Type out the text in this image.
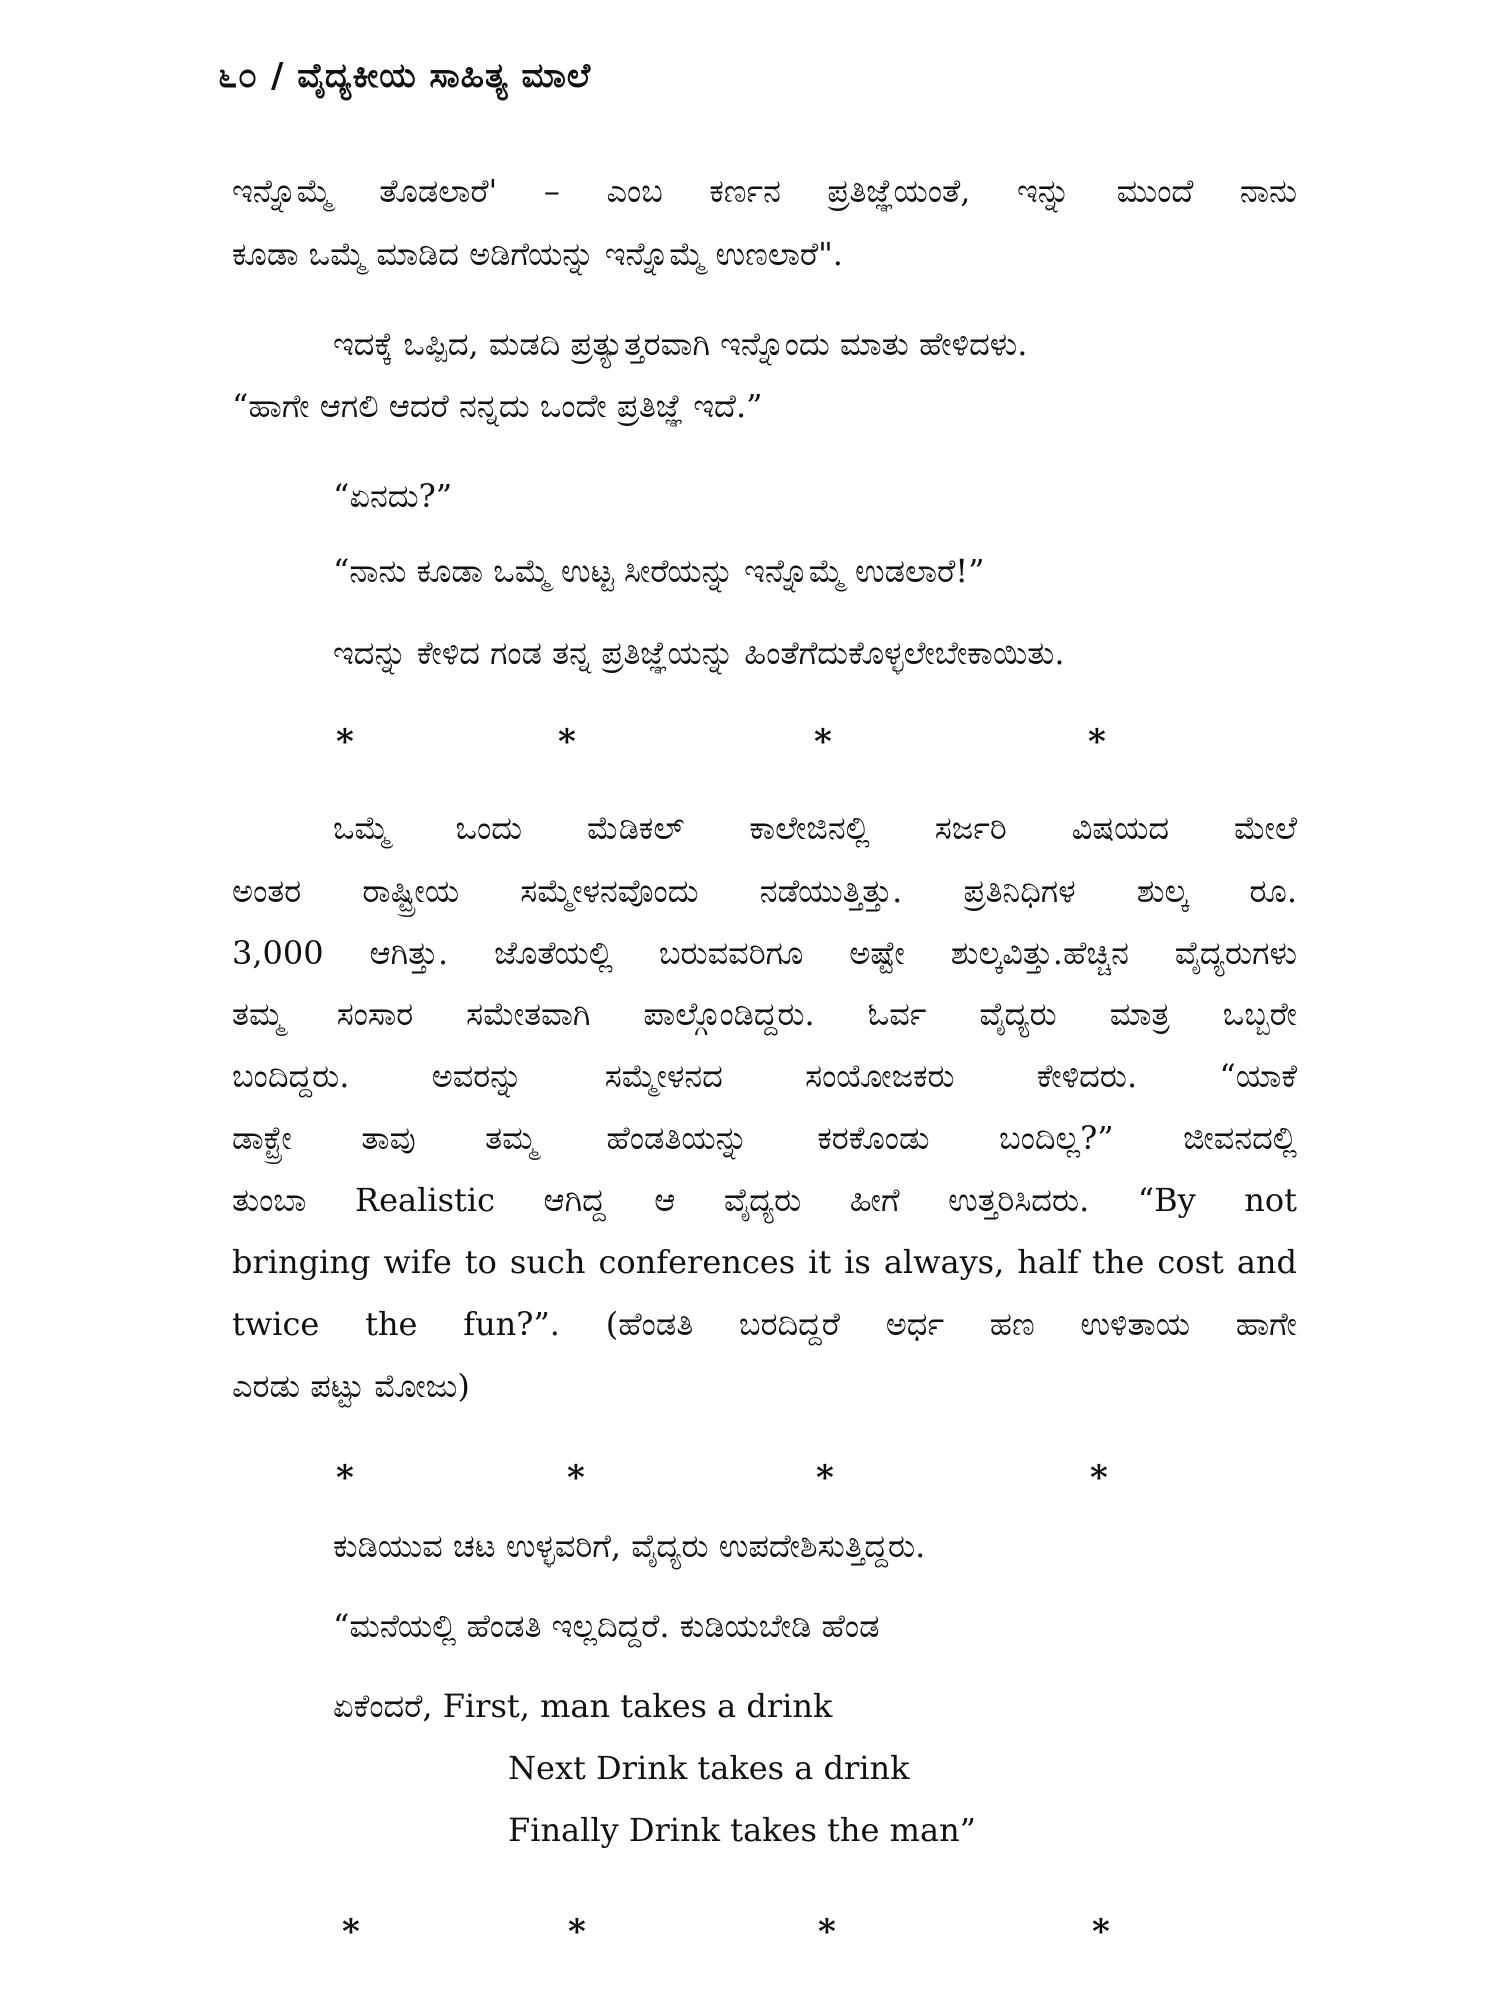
೬೦ / ವೈದ್ಯಕೀಯ ಸಾಹಿತ್ಯ ಮಾಲೆ
ಇನ್ನೊಮ್ಮೆ ತೊಡಲಾರೆ' – ಎಂಬ ಕರ್ಣನ ಪ್ರತಿಜ್ಞೆಯಂತೆ, ಇನ್ನು ಮುಂದೆ ನಾನು
ಕೂಡಾ ಒಮ್ಮೆ ಮಾಡಿದ ಅಡಿಗೆಯನ್ನು ಇನ್ನೊಮ್ಮೆ ಉಣಲಾರೆ".
ಇದಕ್ಕೆ ಒಪ್ಪಿದ, ಮಡದಿ ಪ್ರತ್ಯುತ್ತರವಾಗಿ ಇನ್ನೊಂದು ಮಾತು ಹೇಳಿದಳು.
“ಹಾಗೇ ಆಗಲಿ ಆದರೆ ನನ್ನದು ಒಂದೇ ಪ್ರತಿಜ್ಞೆ ಇದೆ.”
“ಏನದು?”
“ನಾನು ಕೂಡಾ ಒಮ್ಮೆ ಉಟ್ಟ ಸೀರೆಯನ್ನು ಇನ್ನೊಮ್ಮೆ ಉಡಲಾರೆ!”
ಇದನ್ನು ಕೇಳಿದ ಗಂಡ ತನ್ನ ಪ್ರತಿಜ್ಞೆಯನ್ನು ಹಿಂತೆಗೆದುಕೊಳ್ಳಲೇಬೇಕಾಯಿತು.
*	*	*	*
ಒಮ್ಮೆ ಒಂದು ಮೆಡಿಕಲ್ ಕಾಲೇಜಿನಲ್ಲಿ ಸರ್ಜರಿ ವಿಷಯದ ಮೇಲೆ
ಅಂತರ ರಾಷ್ಟ್ರೀಯ ಸಮ್ಮೇಳನವೊಂದು ನಡೆಯುತ್ತಿತ್ತು. ಪ್ರತಿನಿಧಿಗಳ ಶುಲ್ಕ ರೂ.
3,000 ಆಗಿತ್ತು. ಜೊತೆಯಲ್ಲಿ ಬರುವವರಿಗೂ ಅಷ್ಟೇ ಶುಲ್ಕವಿತ್ತು.ಹೆಚ್ಚಿನ ವೈದ್ಯರುಗಳು
ತಮ್ಮ ಸಂಸಾರ ಸಮೇತವಾಗಿ ಪಾಲ್ಗೊಂಡಿದ್ದರು. ಓರ್ವ ವೈದ್ಯರು ಮಾತ್ರ ಒಬ್ಬರೇ
ಬಂದಿದ್ದರು. ಅವರನ್ನು ಸಮ್ಮೇಳನದ ಸಂಯೋಜಕರು ಕೇಳಿದರು. “ಯಾಕೆ
ಡಾಕ್ಟ್ರೇ ತಾವು ತಮ್ಮ ಹೆಂಡತಿಯನ್ನು ಕರಕೊಂಡು ಬಂದಿಲ್ಲ?” ಜೀವನದಲ್ಲಿ
ತುಂಬಾ Realistic ಆಗಿದ್ದ ಆ ವೈದ್ಯರು ಹೀಗೆ ಉತ್ತರಿಸಿದರು. “By not
bringing wife to such conferences it is always, half the cost and
twice the fun?”. (ಹೆಂಡತಿ ಬರದಿದ್ದರೆ ಅರ್ಧ ಹಣ ಉಳಿತಾಯ ಹಾಗೇ
ಎರಡು ಪಟ್ಟು ಮೋಜು)
*	*	*	*
ಕುಡಿಯುವ ಚಟ ಉಳ್ಳವರಿಗೆ, ವೈದ್ಯರು ಉಪದೇಶಿಸುತ್ತಿದ್ದರು.
“ಮನೆಯಲ್ಲಿ ಹೆಂಡತಿ ಇಲ್ಲದಿದ್ದರೆ. ಕುಡಿಯಬೇಡಿ ಹೆಂಡ
ಏಕೆಂದರೆ, First, man takes a drink
Next Drink takes a drink
Finally Drink takes the man”
*	*	*	*
